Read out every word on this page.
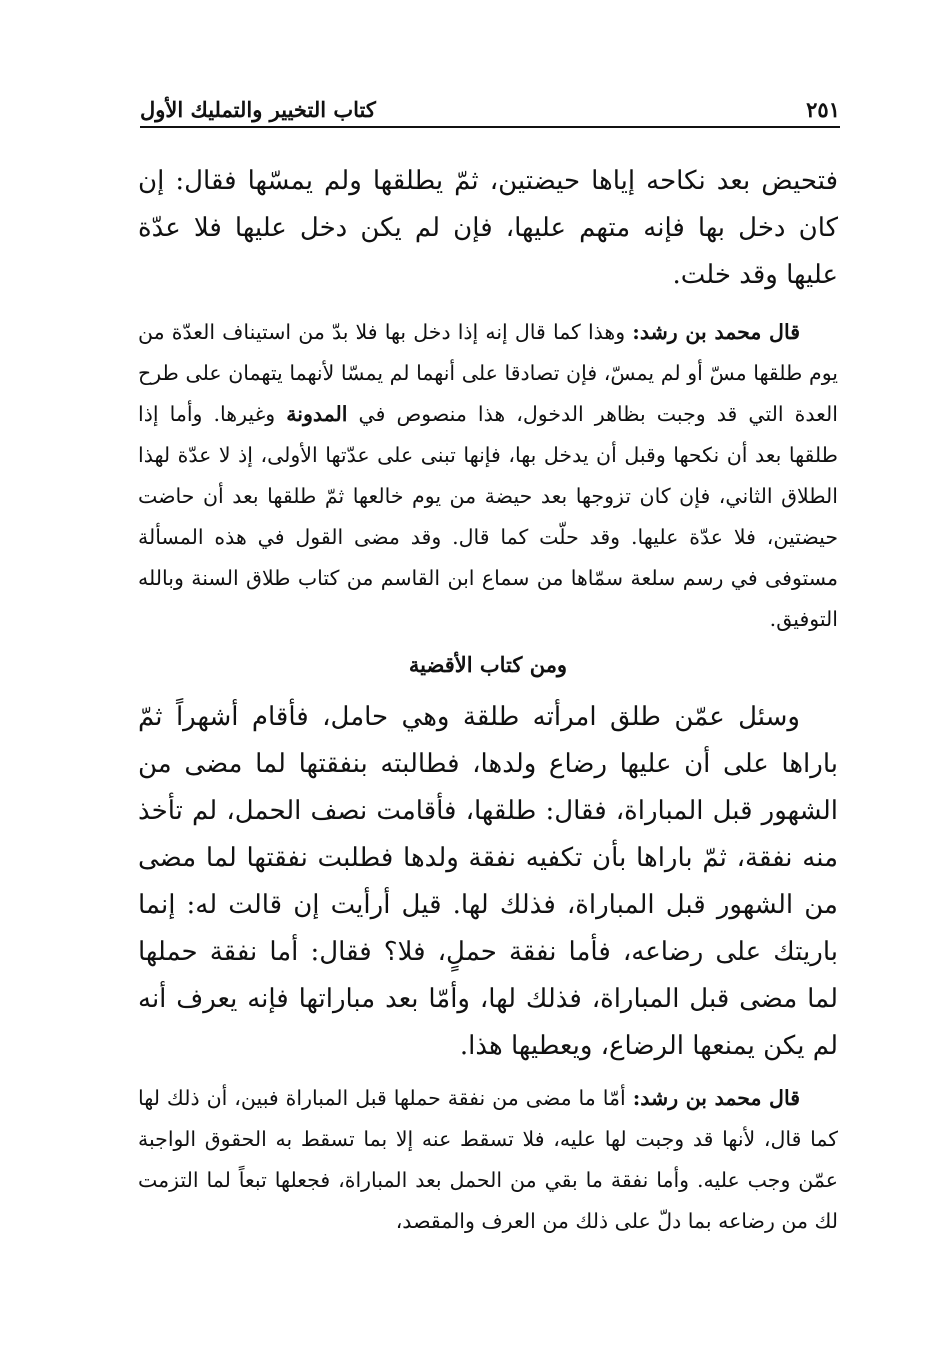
كتاب التخيير والتمليك الأول	٢٥١

فتحيض بعد نكاحه إياها حيضتين، ثمّ يطلقها ولم يمسّها فقال: إن كان دخل بها فإنه متهم عليها، فإن لم يكن دخل عليها فلا عدّة عليها وقد خلت.

قال محمد بن رشد: وهذا كما قال إنه إذا دخل بها فلا بدّ من استيناف العدّة من يوم طلقها مسّ أو لم يمسّ، فإن تصادقا على أنهما لم يمسّا لأنهما يتهمان على طرح العدة التي قد وجبت بظاهر الدخول، هذا منصوص في المدونة وغيرها. وأما إذا طلقها بعد أن نكحها وقبل أن يدخل بها، فإنها تبنى على عدّتها الأولى، إذ لا عدّة لهذا الطلاق الثاني، فإن كان تزوجها بعد حيضة من يوم خالعها ثمّ طلقها بعد أن حاضت حيضتين، فلا عدّة عليها. وقد حلّت كما قال. وقد مضى القول في هذه المسألة مستوفى في رسم سلعة سمّاها من سماع ابن القاسم من كتاب طلاق السنة وبالله التوفيق.

ومن كتاب الأقضية

وسئل عمّن طلق امرأته طلقة وهي حامل، فأقام أشهراً ثمّ باراها على أن عليها رضاع ولدها، فطالبته بنفقتها لما مضى من الشهور قبل المباراة، فقال: طلقها، فأقامت نصف الحمل، لم تأخذ منه نفقة، ثمّ باراها بأن تكفيه نفقة ولدها فطلبت نفقتها لما مضى من الشهور قبل المباراة، فذلك لها. قيل أرأيت إن قالت له: إنما باريتك على رضاعه، فأما نفقة حملٍ، فلا؟ فقال: أما نفقة حملها لما مضى قبل المباراة، فذلك لها، وأمّا بعد مباراتها فإنه يعرف أنه لم يكن يمنعها الرضاع، ويعطيها هذا.

قال محمد بن رشد: أمّا ما مضى من نفقة حملها قبل المباراة فبين، أن ذلك لها كما قال، لأنها قد وجبت لها عليه، فلا تسقط عنه إلا بما تسقط به الحقوق الواجبة عمّن وجب عليه. وأما نفقة ما بقي من الحمل بعد المباراة، فجعلها تبعاً لما التزمت لك من رضاعه بما دلّ على ذلك من العرف والمقصد،
